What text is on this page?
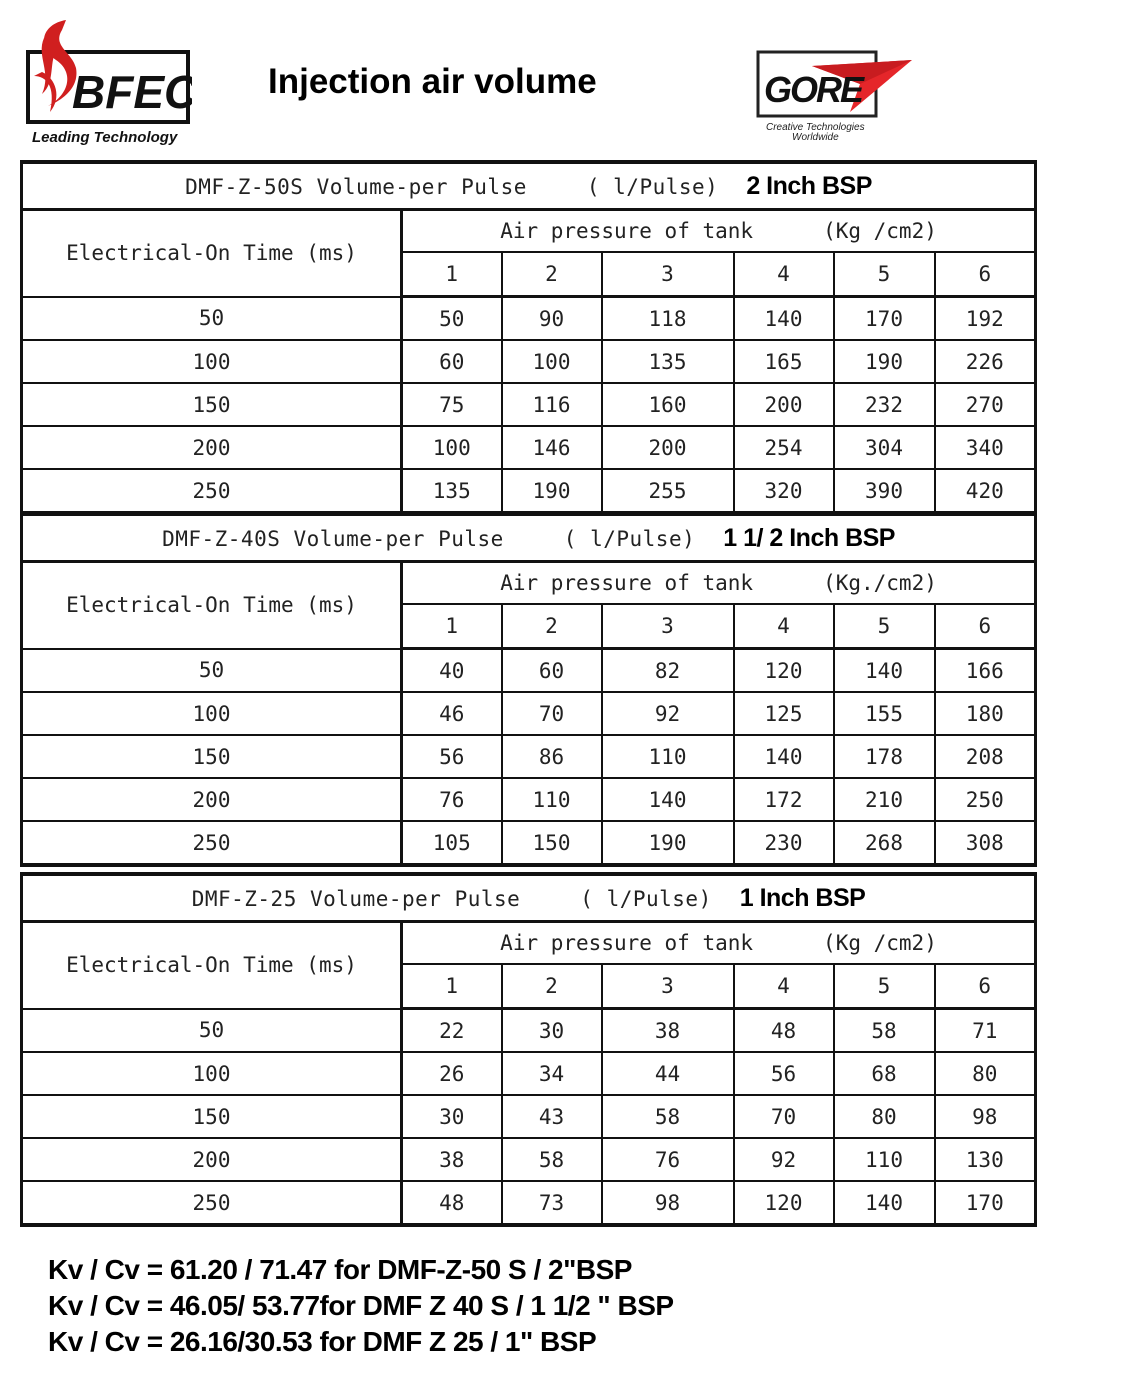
BFEC
Leading Technology
Injection air volume	GORE
Creative Technologies
Worldwide
DMF-Z-50S Volume-per Pulse ( l/Pulse) 2 Inch BSP						
Electrical-On Time (ms)	Air pressure of tank (Kg /cm2)					
	1	2	3	4	5	6
50	50	90	118	140	170	192
100	60	100	135	165	190	226
150	75	116	160	200	232	270
200	100	146	200	254	304	340
250	135	190	255	320	390	420
DMF-Z-40S Volume-per Pulse ( l/Pulse) 1 1/ 2 Inch BSP						
Electrical-On Time (ms)	Air pressure of tank (Kg./cm2)					
	1	2	3	4	5	6
50	40	60	82	120	140	166
100	46	70	92	125	155	180
150	56	86	110	140	178	208
200	76	110	140	172	210	250
250	105	150	190	230	268	308
DMF-Z-25 Volume-per Pulse ( l/Pulse) 1 Inch BSP						
Electrical-On Time (ms)	Air pressure of tank (Kg /cm2)					
	1	2	3	4	5	6
50	22	30	38	48	58	71
100	26	34	44	56	68	80
150	30	43	58	70	80	98
200	38	58	76	92	110	130
250	48	73	98	120	140	170
Kv / Cv = 61.20 / 71.47 for DMF-Z-50 S / 2"BSP
Kv / Cv = 46.05/ 53.77for DMF Z 40 S / 1 1/2 " BSP
Kv / Cv = 26.16/30.53 for DMF Z 25 / 1" BSP
